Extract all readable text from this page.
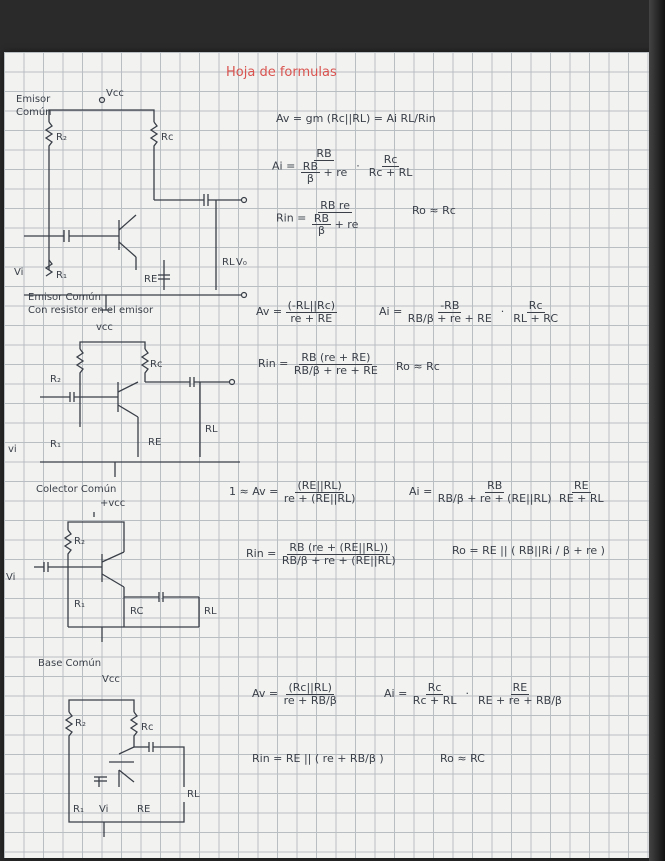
Hoja de formulas
Emisor
Común
Vcc
R₂	Rc
R₁	RE
RL V₀
Vi
Av = gm (Rc||RL) = Ai RL/Rin
$Ai = \frac{RB}{\frac{RB}{\beta} + re} \cdot \frac{Rc}{Rc + RL}$
Rin = $\frac{\text{RB re}}{\frac{RB}{\beta} + re}$	Ro ≈ Rc
Emisor Común
Con resistor en el emisor
vcc
Rc
R₂
R₁	RE
RL
vi
$Av = \frac{(-RL||Rc)}{re + RE}$	$Ai = \frac{-RB}{RB/\beta + re + RE} \cdot \frac{Rc}{RL + RC}$
Rin = $\frac{RB (re + RE)}{RB/\beta + re + RE}$ Ro ≈ Rc
Colector Común
+vcc
R₂
R₁
RC	RL
Vi
$1 \approx Av = \frac{(RE||RL)}{re + (RE||RL)}$	$Ai = \frac{RB}{RB/\beta + re + (RE||RL)}$
$\frac{RE}{RE + RL}$
Rin = $\frac{RB (re + (RE||RL))}{RB/\beta + re + (RE||RL)}$	Ro = RE || ( RB||Ri / β + re )
Base Común
Vcc
R₂	Rc
RL
R₁ Vi	RE
$Av = \frac{(Rc||RL)}{re + RB/\beta}$	$Ai = \frac{Rc}{Rc + RL} \cdot \frac{RE}{RE + re + RB/\beta}$
Rin = RE || ( re + RB/β )	Ro ≈ RC
